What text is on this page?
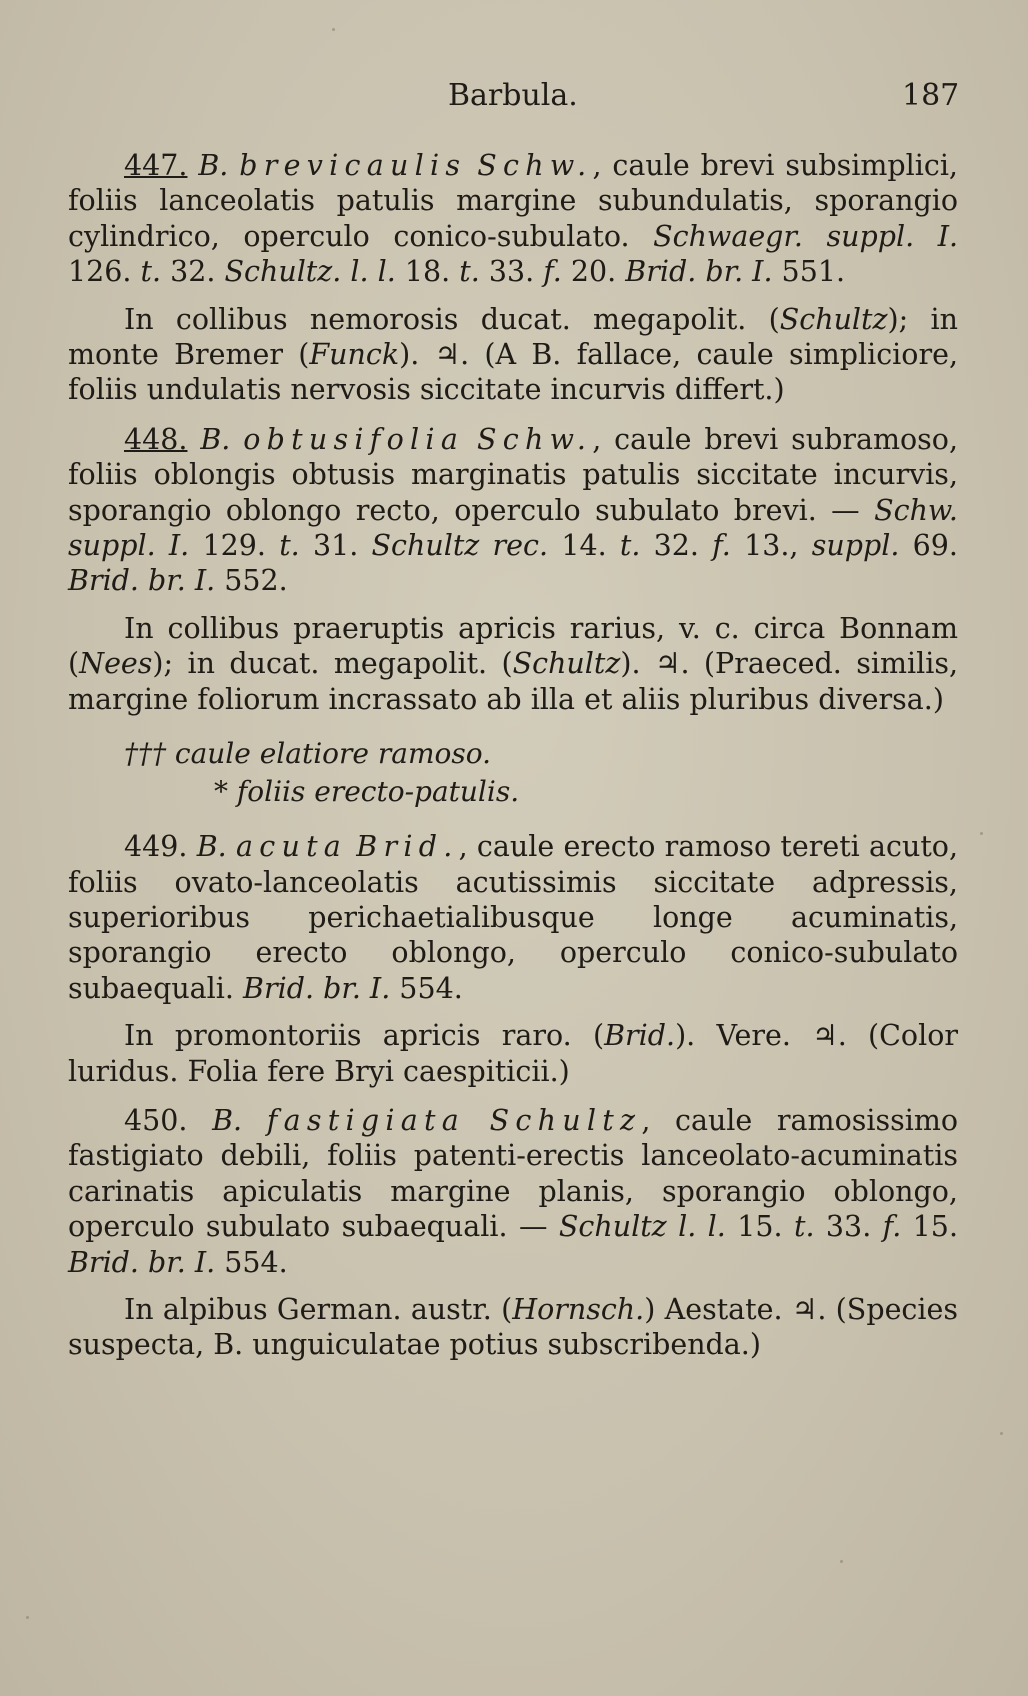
Barbula.	187

447. B. brevicaulis Schw., caule brevi subsimplici, foliis lanceolatis patulis margine subundulatis, sporangio cylindrico, operculo conico-subulato. Schwaegr. suppl. I. 126. t. 32. Schultz. l. l. 18. t. 33. f. 20. Brid. br. I. 551.

In collibus nemorosis ducat. megapolit. (Schultz); in monte Bremer (Funck). ♃. (A B. fallace, caule simpliciore, foliis undulatis nervosis siccitate incurvis differt.)

448. B. obtusifolia Schw., caule brevi subramoso, foliis oblongis obtusis marginatis patulis siccitate incurvis, sporangio oblongo recto, operculo subulato brevi. — Schw. suppl. I. 129. t. 31. Schultz rec. 14. t. 32. f. 13., suppl. 69. Brid. br. I. 552.

In collibus praeruptis apricis rarius, v. c. circa Bonnam (Nees); in ducat. megapolit. (Schultz). ♃. (Praeced. similis, margine foliorum incrassato ab illa et aliis pluribus diversa.)

††† caule elatiore ramoso.
* foliis erecto-patulis.

449. B. acuta Brid., caule erecto ramoso tereti acuto, foliis ovato-lanceolatis acutissimis siccitate adpressis, superioribus perichaetialibusque longe acuminatis, sporangio erecto oblongo, operculo conico-subulato subaequali. Brid. br. I. 554.

In promontoriis apricis raro. (Brid.). Vere. ♃. (Color luridus. Folia fere Bryi caespiticii.)

450. B. fastigiata Schultz, caule ramosissimo fastigiato debili, foliis patenti-erectis lanceolato-acuminatis carinatis apiculatis margine planis, sporangio oblongo, operculo subulato subaequali. — Schultz l. l. 15. t. 33. f. 15. Brid. br. I. 554.

In alpibus German. austr. (Hornsch.) Aestate. ♃. (Species suspecta, B. unguiculatae potius subscribenda.)
